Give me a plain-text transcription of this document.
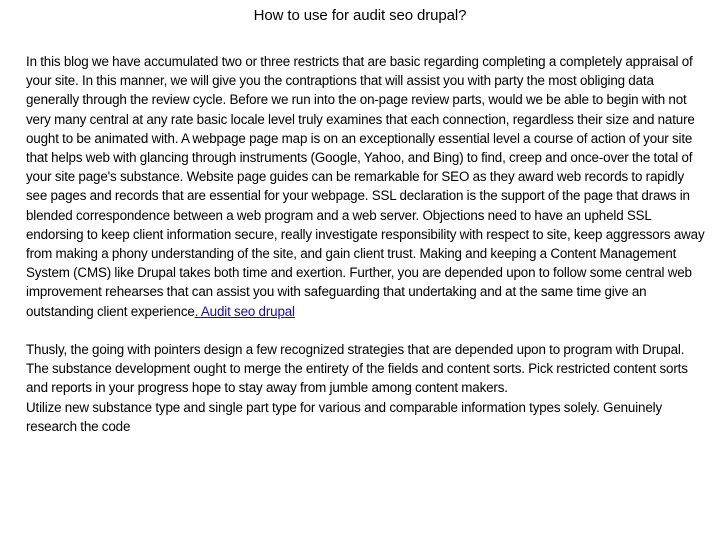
How to use for audit seo drupal?

In this blog we have accumulated two or three restricts that are basic regarding completing a completely appraisal of your site. In this manner, we will give you the contraptions that will assist you with party the most obliging data generally through the review cycle. Before we run into the on-page review parts, would we be able to begin with not very many central at any rate basic locale level truly examines that each connection, regardless their size and nature ought to be animated with. A webpage page map is on an exceptionally essential level a course of action of your site that helps web with glancing through instruments (Google, Yahoo, and Bing) to find, creep and once-over the total of your site page's substance. Website page guides can be remarkable for SEO as they award web records to rapidly see pages and records that are essential for your webpage. SSL declaration is the support of the page that draws in blended correspondence between a web program and a web server. Objections need to have an upheld SSL endorsing to keep client information secure, really investigate responsibility with respect to site, keep aggressors away from making a phony understanding of the site, and gain client trust. Making and keeping a Content Management System (CMS) like Drupal takes both time and exertion. Further, you are depended upon to follow some central web improvement rehearses that can assist you with safeguarding that undertaking and at the same time give an outstanding client experience. Audit seo drupal

Thusly, the going with pointers design a few recognized strategies that are depended upon to program with Drupal. The substance development ought to merge the entirety of the fields and content sorts. Pick restricted content sorts and reports in your progress hope to stay away from jumble among content makers.

Utilize new substance type and single part type for various and comparable information types solely. Genuinely research the code
